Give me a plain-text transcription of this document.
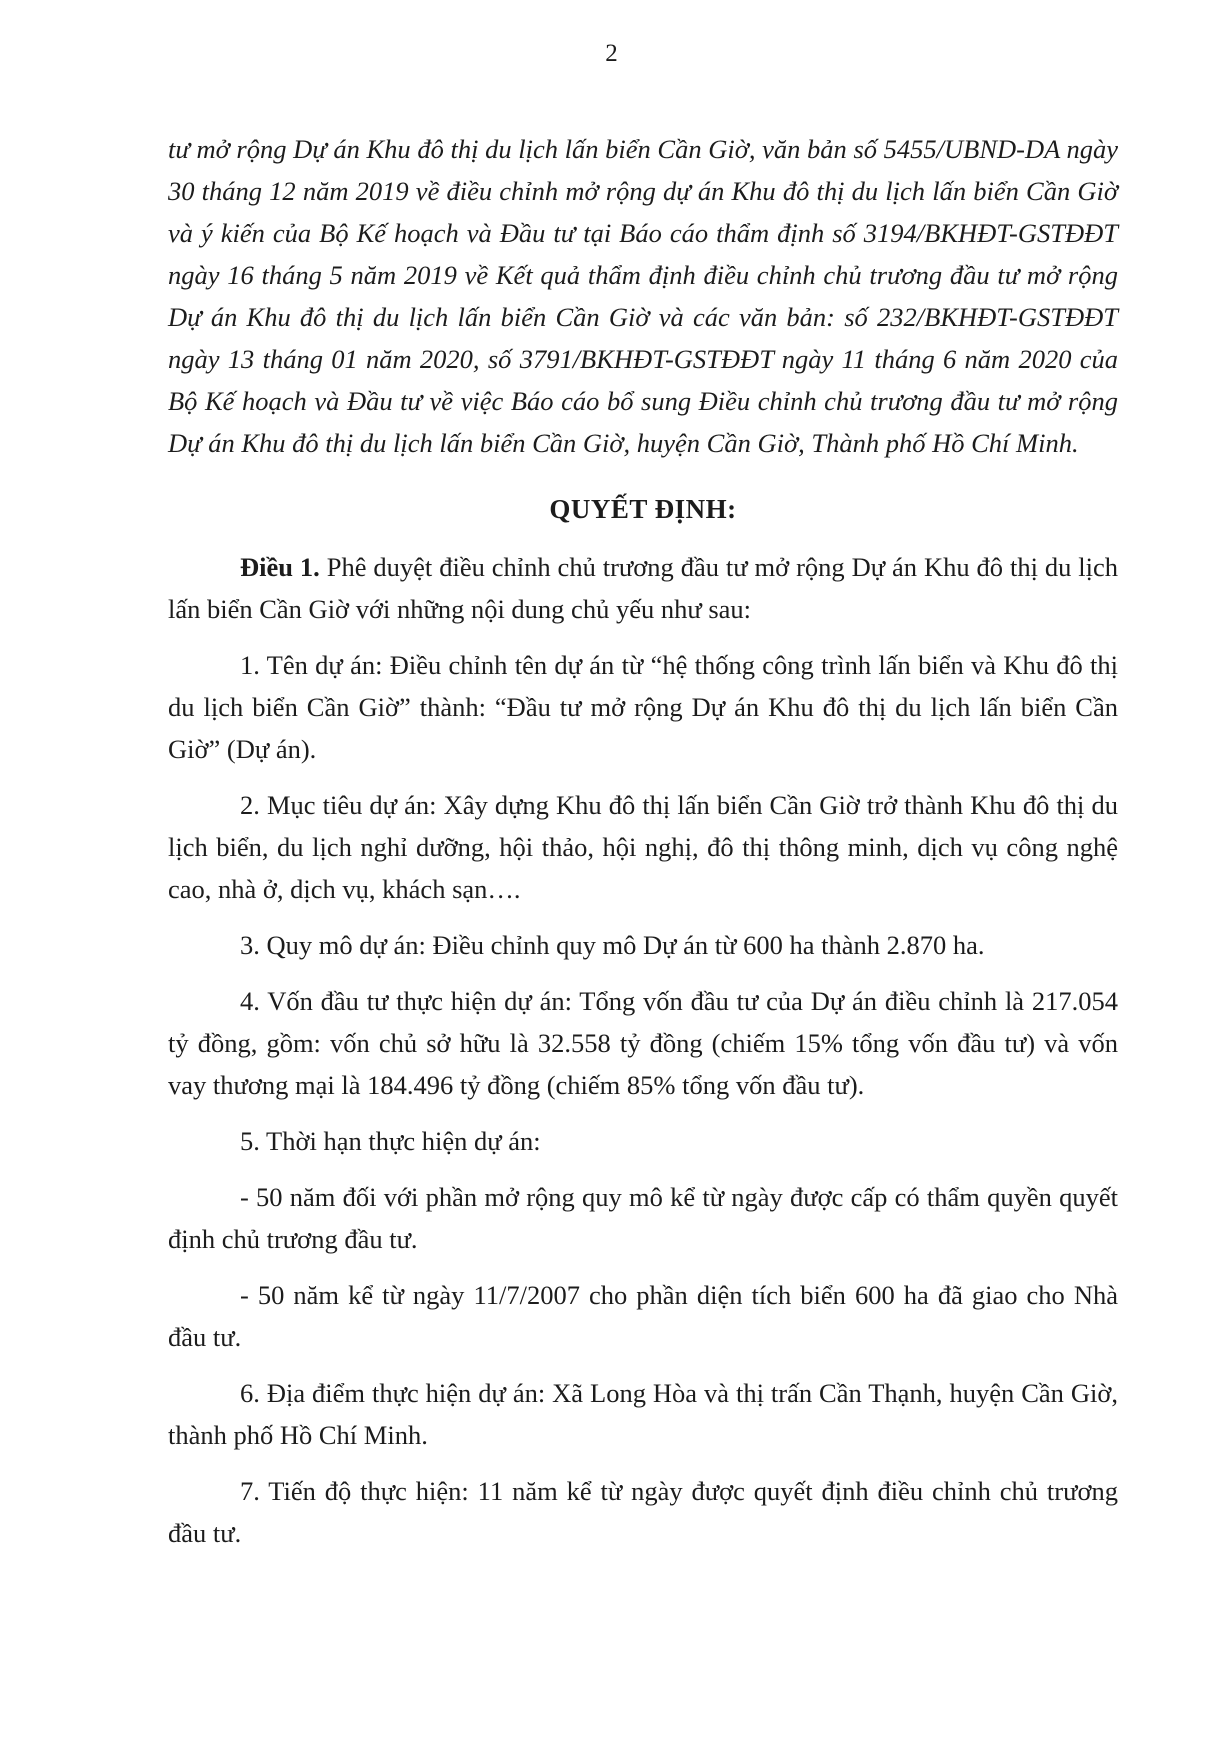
2

tư mở rộng Dự án Khu đô thị du lịch lấn biển Cần Giờ, văn bản số 5455/UBND-DA ngày 30 tháng 12 năm 2019 về điều chỉnh mở rộng dự án Khu đô thị du lịch lấn biển Cần Giờ và ý kiến của Bộ Kế hoạch và Đầu tư tại Báo cáo thẩm định số 3194/BKHĐT-GSTĐĐT ngày 16 tháng 5 năm 2019 về Kết quả thẩm định điều chỉnh chủ trương đầu tư mở rộng Dự án Khu đô thị du lịch lấn biển Cần Giờ và các văn bản: số 232/BKHĐT-GSTĐĐT ngày 13 tháng 01 năm 2020, số 3791/BKHĐT-GSTĐĐT ngày 11 tháng 6 năm 2020 của Bộ Kế hoạch và Đầu tư về việc Báo cáo bổ sung Điều chỉnh chủ trương đầu tư mở rộng Dự án Khu đô thị du lịch lấn biển Cần Giờ, huyện Cần Giờ, Thành phố Hồ Chí Minh.

QUYẾT ĐỊNH:

Điều 1. Phê duyệt điều chỉnh chủ trương đầu tư mở rộng Dự án Khu đô thị du lịch lấn biển Cần Giờ với những nội dung chủ yếu như sau:

1. Tên dự án: Điều chỉnh tên dự án từ “hệ thống công trình lấn biển và Khu đô thị du lịch biển Cần Giờ” thành: “Đầu tư mở rộng Dự án Khu đô thị du lịch lấn biển Cần Giờ” (Dự án).

2. Mục tiêu dự án: Xây dựng Khu đô thị lấn biển Cần Giờ trở thành Khu đô thị du lịch biển, du lịch nghỉ dưỡng, hội thảo, hội nghị, đô thị thông minh, dịch vụ công nghệ cao, nhà ở, dịch vụ, khách sạn….

3. Quy mô dự án: Điều chỉnh quy mô Dự án từ 600 ha thành 2.870 ha.

4. Vốn đầu tư thực hiện dự án: Tổng vốn đầu tư của Dự án điều chỉnh là 217.054 tỷ đồng, gồm: vốn chủ sở hữu là 32.558 tỷ đồng (chiếm 15% tổng vốn đầu tư) và vốn vay thương mại là 184.496 tỷ đồng (chiếm 85% tổng vốn đầu tư).

5. Thời hạn thực hiện dự án:

- 50 năm đối với phần mở rộng quy mô kể từ ngày được cấp có thẩm quyền quyết định chủ trương đầu tư.

- 50 năm kể từ ngày 11/7/2007 cho phần diện tích biển 600 ha đã giao cho Nhà đầu tư.

6. Địa điểm thực hiện dự án: Xã Long Hòa và thị trấn Cần Thạnh, huyện Cần Giờ, thành phố Hồ Chí Minh.

7. Tiến độ thực hiện: 11 năm kể từ ngày được quyết định điều chỉnh chủ trương đầu tư.
